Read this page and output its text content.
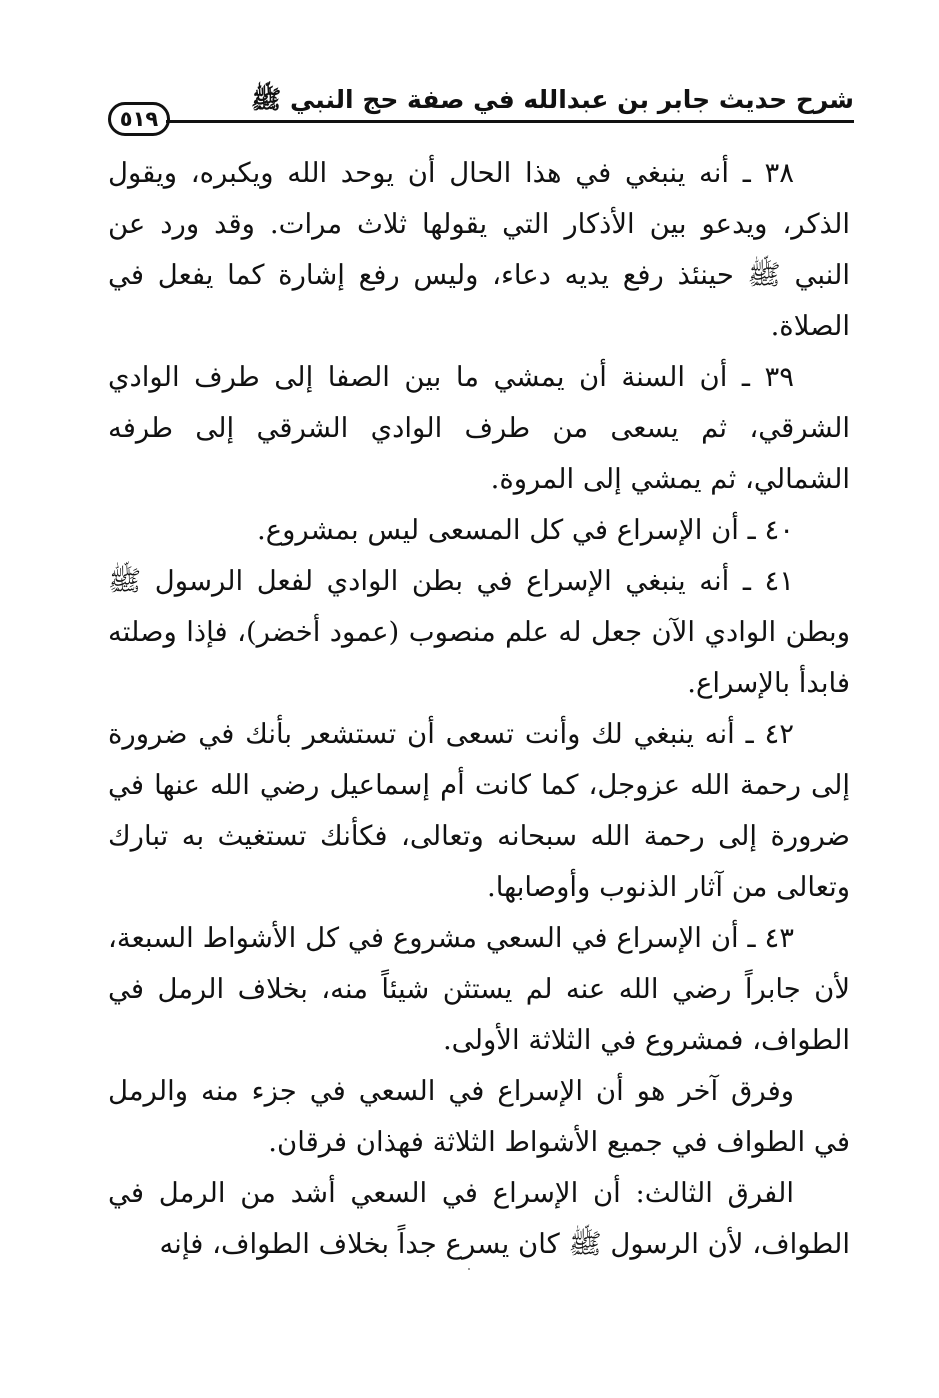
شرح حديث جابر بن عبدالله في صفة حج النبي ﷺ
٥١٩

٣٨ ـ أنه ينبغي في هذا الحال أن يوحد الله ويكبره، ويقول الذكر، ويدعو بين الأذكار التي يقولها ثلاث مرات. وقد ورد عن النبي ﷺ حينئذ رفع يديه دعاء، وليس رفع إشارة كما يفعل في الصلاة.

٣٩ ـ أن السنة أن يمشي ما بين الصفا إلى طرف الوادي الشرقي، ثم يسعى من طرف الوادي الشرقي إلى طرفه الشمالي، ثم يمشي إلى المروة.

٤٠ ـ أن الإسراع في كل المسعى ليس بمشروع.

٤١ ـ أنه ينبغي الإسراع في بطن الوادي لفعل الرسول ﷺ وبطن الوادي الآن جعل له علم منصوب (عمود أخضر)، فإذا وصلته فابدأ بالإسراع.

٤٢ ـ أنه ينبغي لك وأنت تسعى أن تستشعر بأنك في ضرورة إلى رحمة الله عزوجل، كما كانت أم إسماعيل رضي الله عنها في ضرورة إلى رحمة الله سبحانه وتعالى، فكأنك تستغيث به تبارك وتعالى من آثار الذنوب وأوصابها.

٤٣ ـ أن الإسراع في السعي مشروع في كل الأشواط السبعة، لأن جابراً رضي الله عنه لم يستثن شيئاً منه، بخلاف الرمل في الطواف، فمشروع في الثلاثة الأولى.

وفرق آخر هو أن الإسراع في السعي في جزء منه والرمل في الطواف في جميع الأشواط الثلاثة فهذان فرقان.

الفرق الثالث: أن الإسراع في السعي أشد من الرمل في الطواف، لأن الرسول ﷺ كان يسرع جداً بخلاف الطواف، فإنه
